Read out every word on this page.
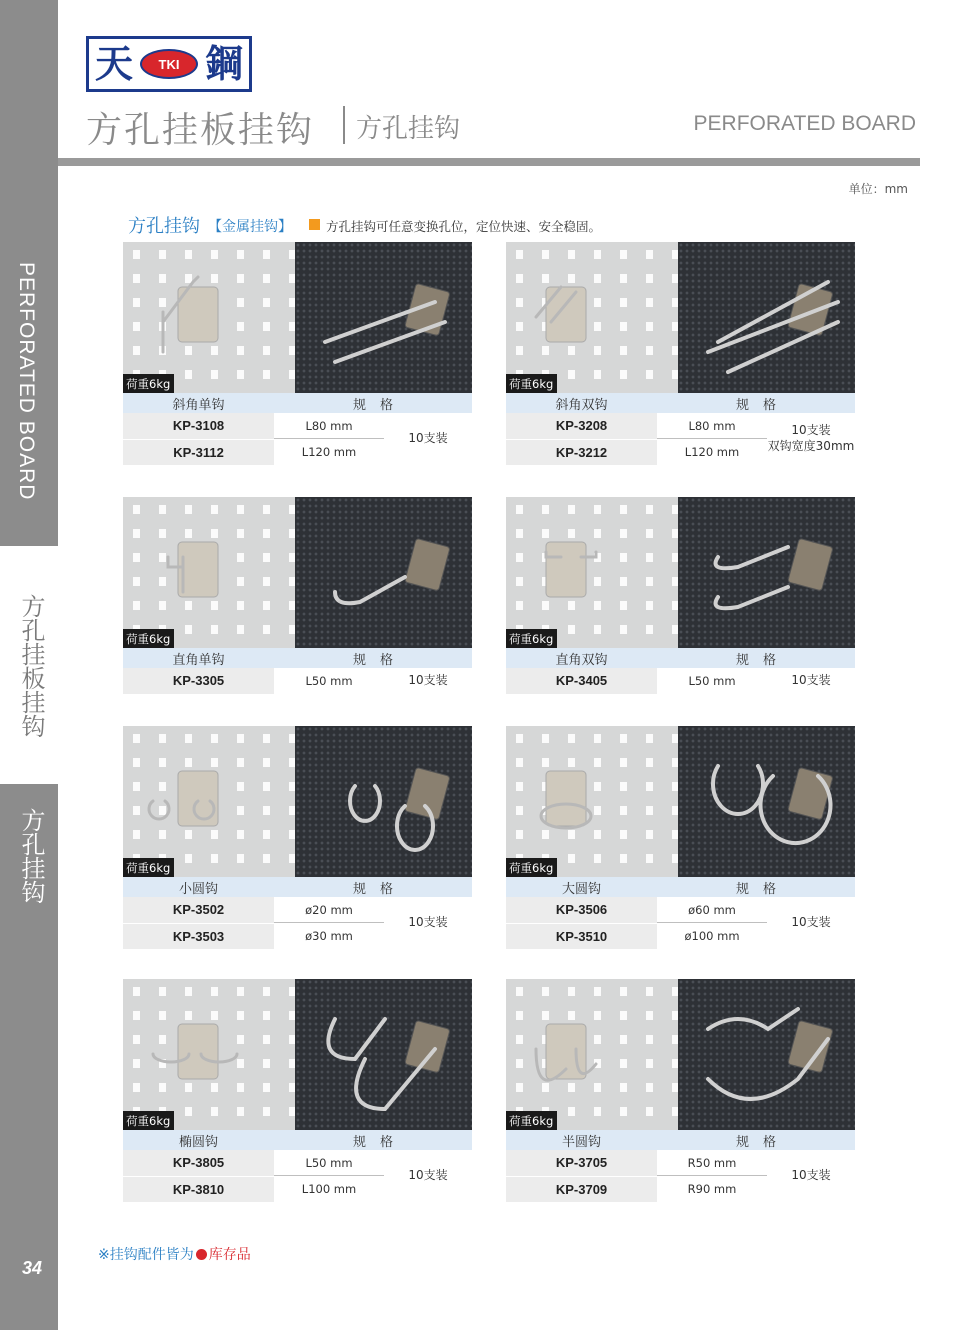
PERFORATED BOARD
方孔挂板挂钩
方孔挂钩
34
天	TKI 鋼
方孔挂板挂钩 方孔挂钩	PERFORATED BOARD
单位：mm
方孔挂钩 【金属挂钩】	方孔挂钩可任意变换孔位，定位快速、安全稳固。
荷重6kg
斜角单钩	规格
KP-3108	L80 mm
KP-3112	L120 mm
10支装
荷重6kg
斜角双钩	规格
KP-3208	L80 mm
KP-3212	L120 mm
10支装
双钩宽度30mm
荷重6kg
直角单钩	规格
KP-3305	L50 mm	10支装
荷重6kg
直角双钩	规格
KP-3405	L50 mm	10支装
荷重6kg
小圆钩	规格
KP-3502	ø20 mm
KP-3503	ø30 mm
10支装
荷重6kg
大圆钩	规格
KP-3506	ø60 mm
KP-3510	ø100 mm
10支装
荷重6kg
椭圆钩	规格
KP-3805	L50 mm
KP-3810	L100 mm
10支装
荷重6kg
半圆钩	规格
KP-3705	R50 mm
KP-3709	R90 mm
10支装
※挂钩配件皆为 库存品
